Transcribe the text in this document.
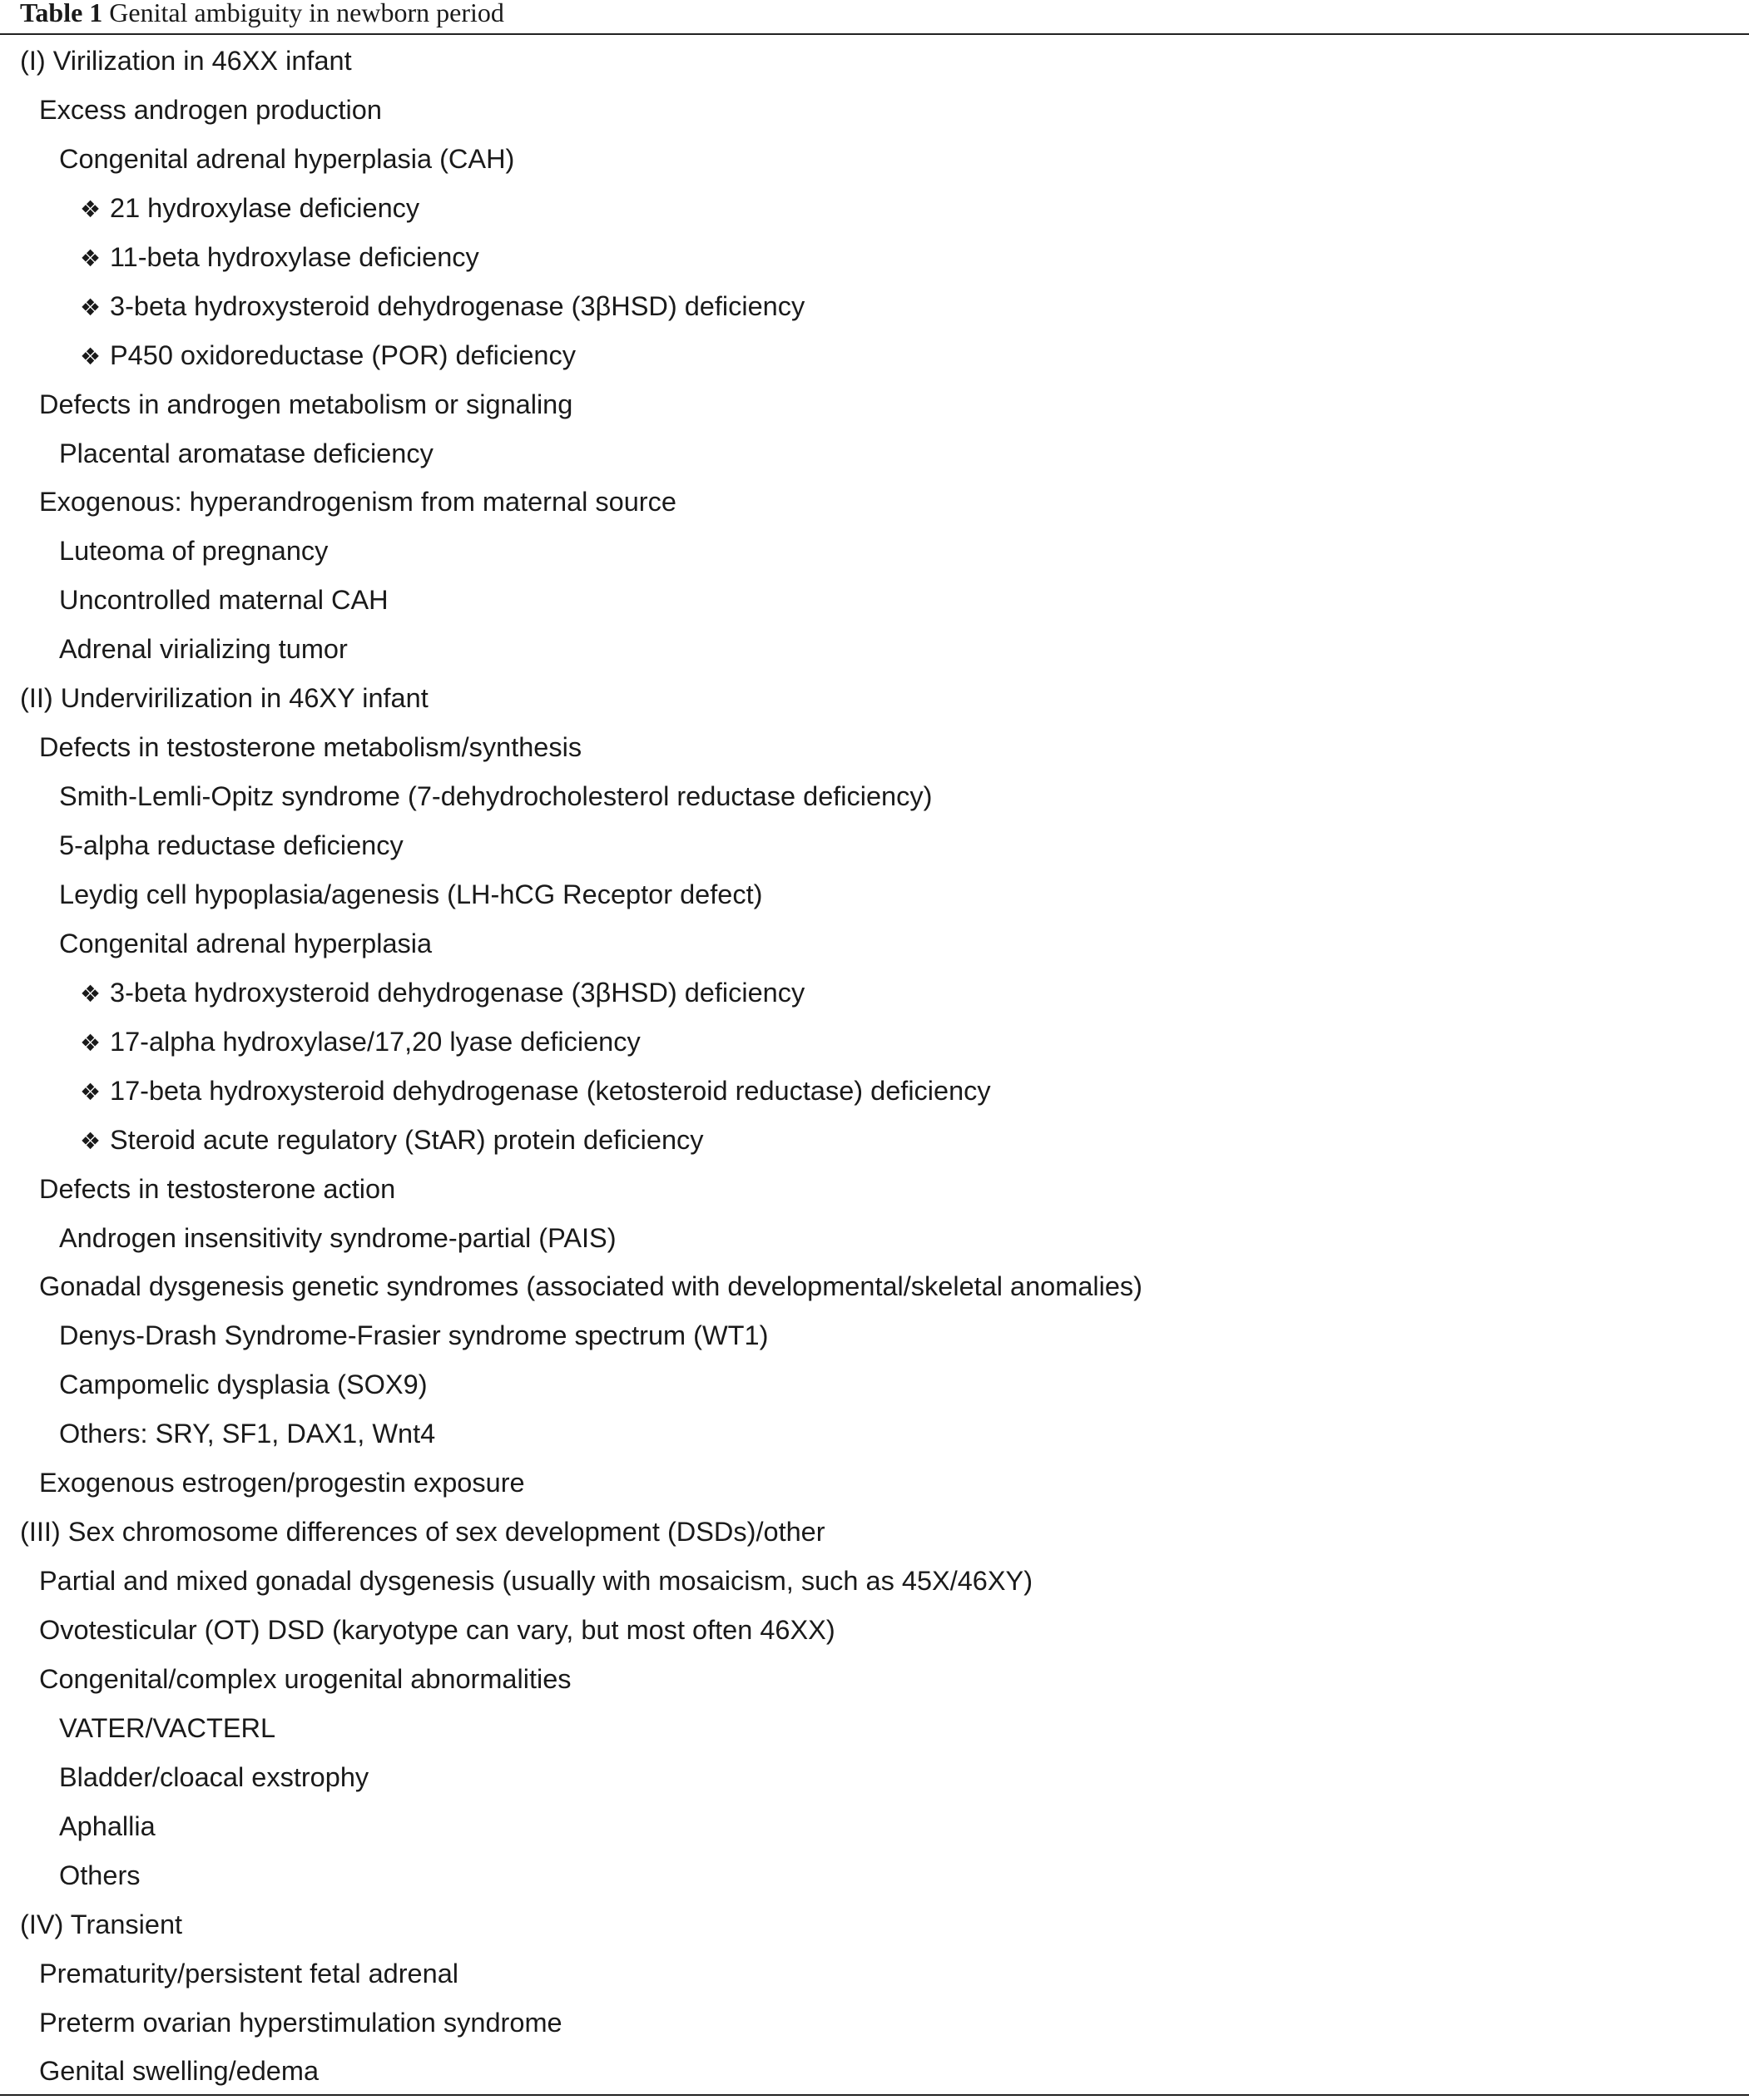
Table 1 Genital ambiguity in newborn period
(I) Virilization in 46XX infant
Excess androgen production
Congenital adrenal hyperplasia (CAH)
❖ 21 hydroxylase deficiency
❖ 11-beta hydroxylase deficiency
❖ 3-beta hydroxysteroid dehydrogenase (3βHSD) deficiency
❖ P450 oxidoreductase (POR) deficiency
Defects in androgen metabolism or signaling
Placental aromatase deficiency
Exogenous: hyperandrogenism from maternal source
Luteoma of pregnancy
Uncontrolled maternal CAH
Adrenal virializing tumor
(II) Undervirilization in 46XY infant
Defects in testosterone metabolism/synthesis
Smith-Lemli-Opitz syndrome (7-dehydrocholesterol reductase deficiency)
5-alpha reductase deficiency
Leydig cell hypoplasia/agenesis (LH-hCG Receptor defect)
Congenital adrenal hyperplasia
❖ 3-beta hydroxysteroid dehydrogenase (3βHSD) deficiency
❖ 17-alpha hydroxylase/17,20 lyase deficiency
❖ 17-beta hydroxysteroid dehydrogenase (ketosteroid reductase) deficiency
❖ Steroid acute regulatory (StAR) protein deficiency
Defects in testosterone action
Androgen insensitivity syndrome-partial (PAIS)
Gonadal dysgenesis genetic syndromes (associated with developmental/skeletal anomalies)
Denys-Drash Syndrome-Frasier syndrome spectrum (WT1)
Campomelic dysplasia (SOX9)
Others: SRY, SF1, DAX1, Wnt4
Exogenous estrogen/progestin exposure
(III) Sex chromosome differences of sex development (DSDs)/other
Partial and mixed gonadal dysgenesis (usually with mosaicism, such as 45X/46XY)
Ovotesticular (OT) DSD (karyotype can vary, but most often 46XX)
Congenital/complex urogenital abnormalities
VATER/VACTERL
Bladder/cloacal exstrophy
Aphallia
Others
(IV) Transient
Prematurity/persistent fetal adrenal
Preterm ovarian hyperstimulation syndrome
Genital swelling/edema
